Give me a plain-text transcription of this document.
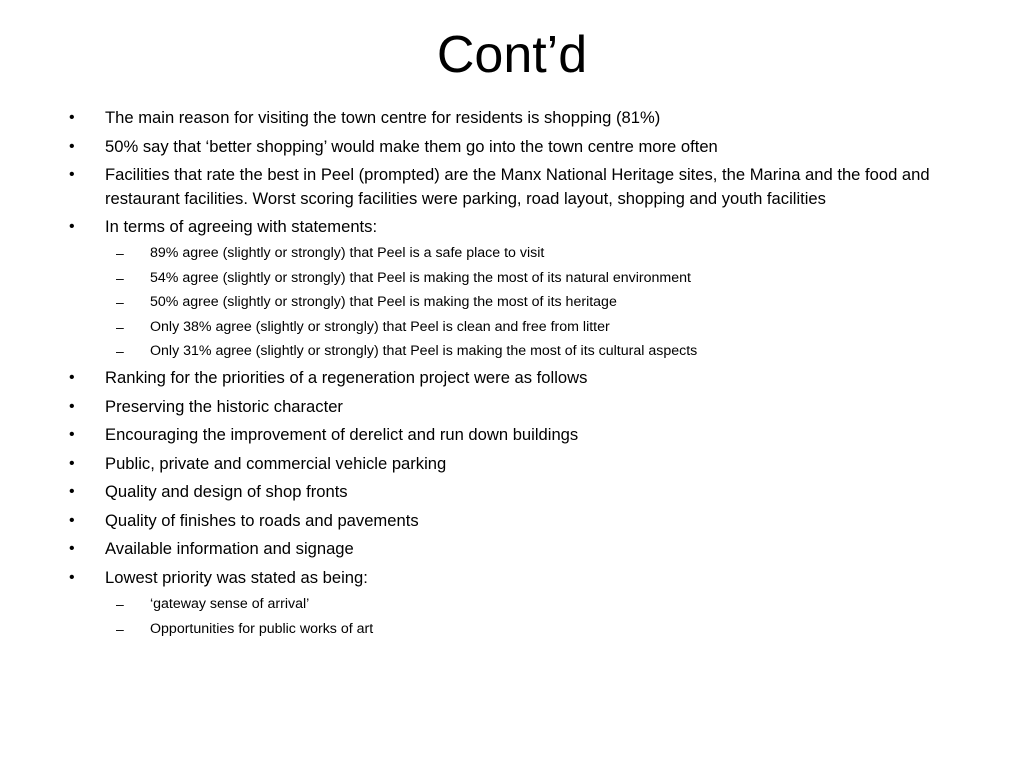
Cont’d
• The main reason for visiting the town centre for residents is shopping (81%)
• 50% say that ‘better shopping’ would make them go into the town centre more often
• Facilities that rate the best in Peel (prompted) are the Manx National Heritage sites, the Marina and the food and restaurant facilities. Worst scoring facilities were parking, road layout, shopping and youth facilities
• In terms of agreeing with statements:
– 89% agree (slightly or strongly) that Peel is a safe place to visit
– 54% agree (slightly or strongly) that Peel is making the most of its natural environment
– 50% agree (slightly or strongly) that Peel is making the most of its heritage
– Only 38% agree (slightly or strongly) that Peel is clean and free from litter
– Only 31% agree (slightly or strongly) that Peel is making the most of its cultural aspects
• Ranking for the priorities of a regeneration project were as follows
• Preserving the historic character
• Encouraging the improvement of derelict and run down buildings
• Public, private and commercial vehicle parking
• Quality and design of shop fronts
• Quality of finishes to roads and pavements
• Available information and signage
• Lowest priority was stated as being:
– ‘gateway sense of arrival’
– Opportunities for public works of art
